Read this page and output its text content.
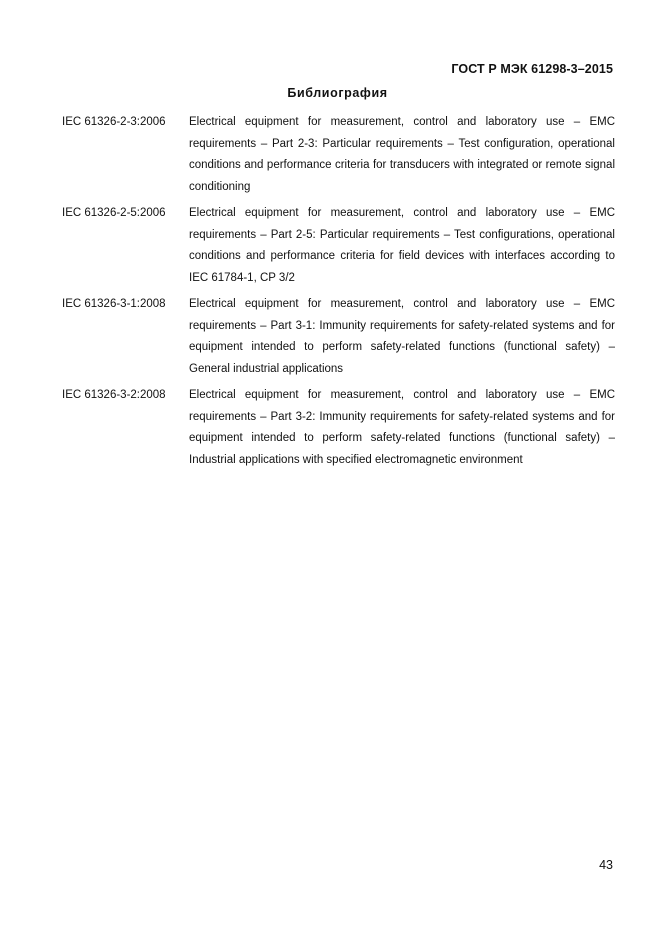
ГОСТ Р МЭК 61298-3–2015
Библиография
IEC 61326-2-3:2006	Electrical equipment for measurement, control and laboratory use – EMC requirements – Part 2-3: Particular requirements – Test configuration, operational conditions and performance criteria for transducers with integrated or remote signal conditioning
IEC 61326-2-5:2006	Electrical equipment for measurement, control and laboratory use – EMC requirements – Part 2-5: Particular requirements – Test configurations, operational conditions and performance criteria for field devices with interfaces according to IEC 61784-1, CP 3/2
IEC 61326-3-1:2008	Electrical equipment for measurement, control and laboratory use – EMC requirements – Part 3-1: Immunity requirements for safety-related systems and for equipment intended to perform safety-related functions (functional safety) – General industrial applications
IEC 61326-3-2:2008	Electrical equipment for measurement, control and laboratory use – EMC requirements – Part 3-2: Immunity requirements for safety-related systems and for equipment intended to perform safety-related functions (functional safety) – Industrial applications with specified electromagnetic environment
43
